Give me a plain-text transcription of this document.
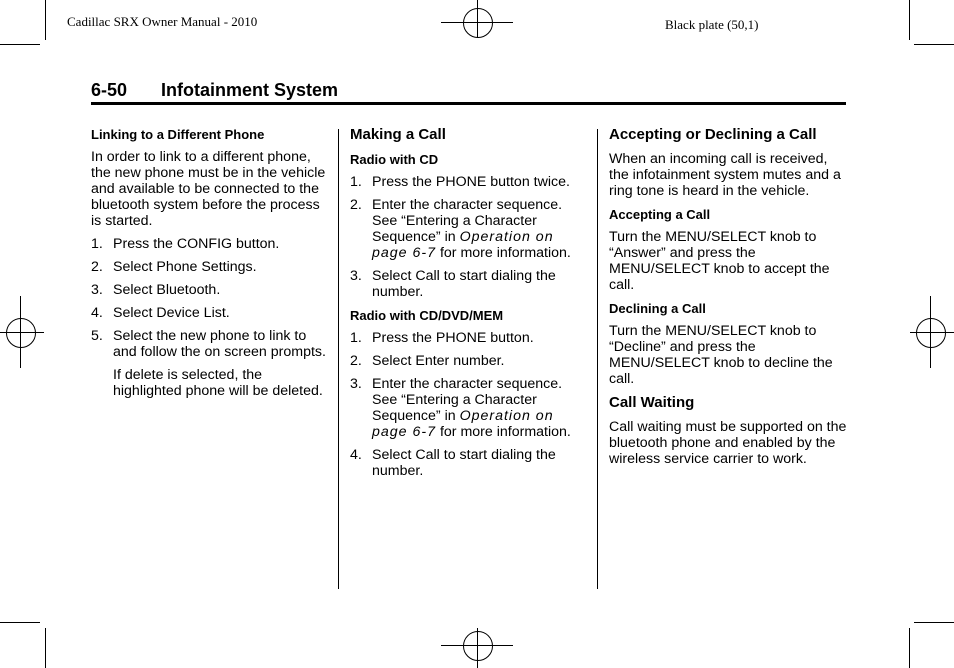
Cadillac SRX Owner Manual - 2010	Black plate (50,1)
6-50 Infotainment System
Linking to a Different Phone

In order to link to a different phone, the new phone must be in the vehicle and available to be connected to the bluetooth system before the process is started.

1. Press the CONFIG button.
2. Select Phone Settings.
3. Select Bluetooth.
4. Select Device List.
5. Select the new phone to link to and follow the on screen prompts.

If delete is selected, the highlighted phone will be deleted.

Making a Call
Radio with CD
1. Press the PHONE button twice.
2. Enter the character sequence. See “Entering a Character Sequence” in Operation on page 6-7 for more information.
3. Select Call to start dialing the number.
Radio with CD/DVD/MEM
1. Press the PHONE button.
2. Select Enter number.
3. Enter the character sequence. See “Entering a Character Sequence” in Operation on page 6-7 for more information.
4. Select Call to start dialing the number.
Accepting or Declining a Call

When an incoming call is received, the infotainment system mutes and a ring tone is heard in the vehicle.

Accepting a Call

Turn the MENU/SELECT knob to “Answer” and press the MENU/SELECT knob to accept the call.

Declining a Call

Turn the MENU/SELECT knob to “Decline” and press the MENU/SELECT knob to decline the call.

Call Waiting

Call waiting must be supported on the bluetooth phone and enabled by the wireless service carrier to work.
